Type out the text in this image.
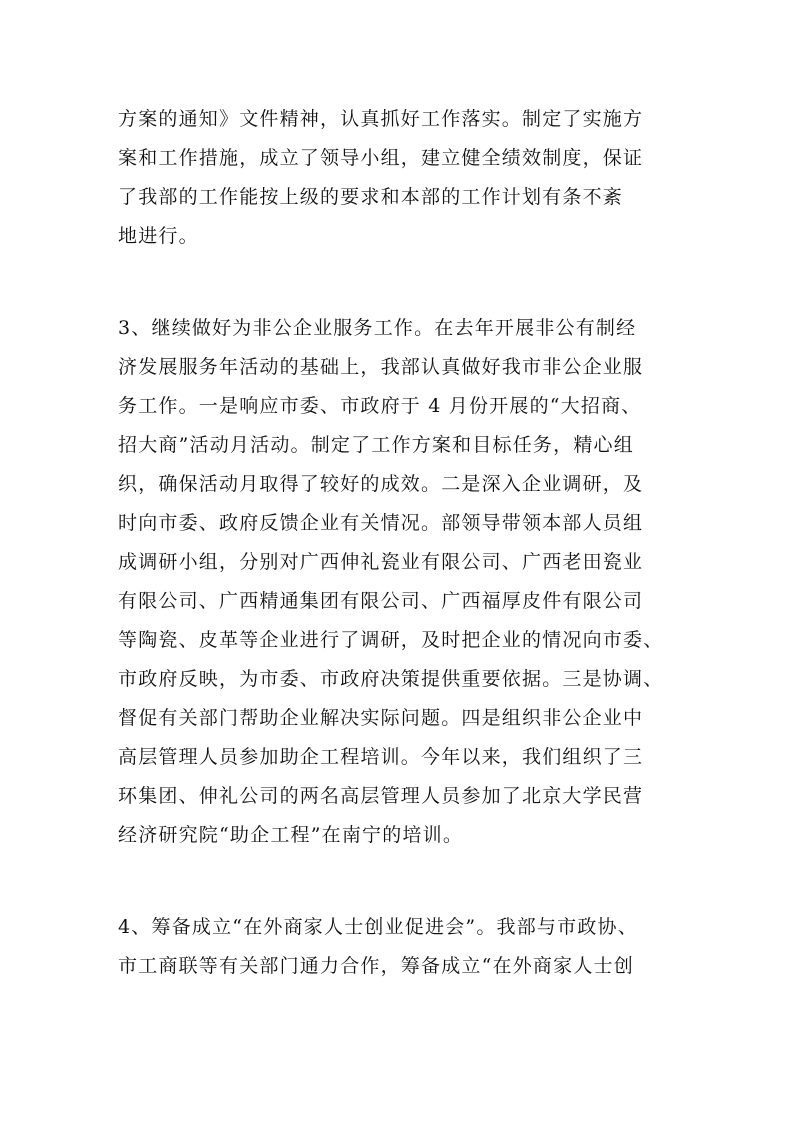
方案的通知》文件精神，认真抓好工作落实。制定了实施方
案和工作措施，成立了领导小组，建立健全绩效制度，保证
了我部的工作能按上级的要求和本部的工作计划有条不紊
地进行。
3、继续做好为非公企业服务工作。在去年开展非公有制经
济发展服务年活动的基础上，我部认真做好我市非公企业服
务工作。一是响应市委、市政府于 4 月份开展的“大招商、
招大商”活动月活动。制定了工作方案和目标任务，精心组
织，确保活动月取得了较好的成效。二是深入企业调研，及
时向市委、政府反馈企业有关情况。部领导带领本部人员组
成调研小组，分别对广西伸礼瓷业有限公司、广西老田瓷业
有限公司、广西精通集团有限公司、广西福厚皮件有限公司
等陶瓷、皮革等企业进行了调研，及时把企业的情况向市委、
市政府反映，为市委、市政府决策提供重要依据。三是协调、
督促有关部门帮助企业解决实际问题。四是组织非公企业中
高层管理人员参加助企工程培训。今年以来，我们组织了三
环集团、伸礼公司的两名高层管理人员参加了北京大学民营
经济研究院“助企工程”在南宁的培训。
4、筹备成立“在外商家人士创业促进会”。我部与市政协、
市工商联等有关部门通力合作，筹备成立“在外商家人士创
